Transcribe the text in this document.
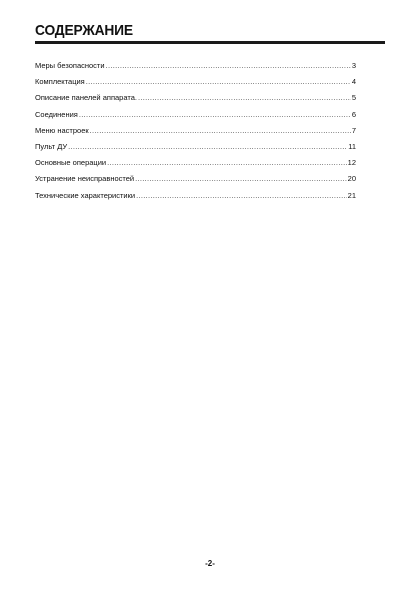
СОДЕРЖАНИЕ
Меры безопасности .....	3
Комплектация .....	4
Описание панелей аппарата. .....	5
Соединения .....	6
Меню настроек .....	7
Пульт ДУ .....	11
Основные операции .....	12
Устранение неисправностей .....	20
Технические характеристики .....	21
-2-
